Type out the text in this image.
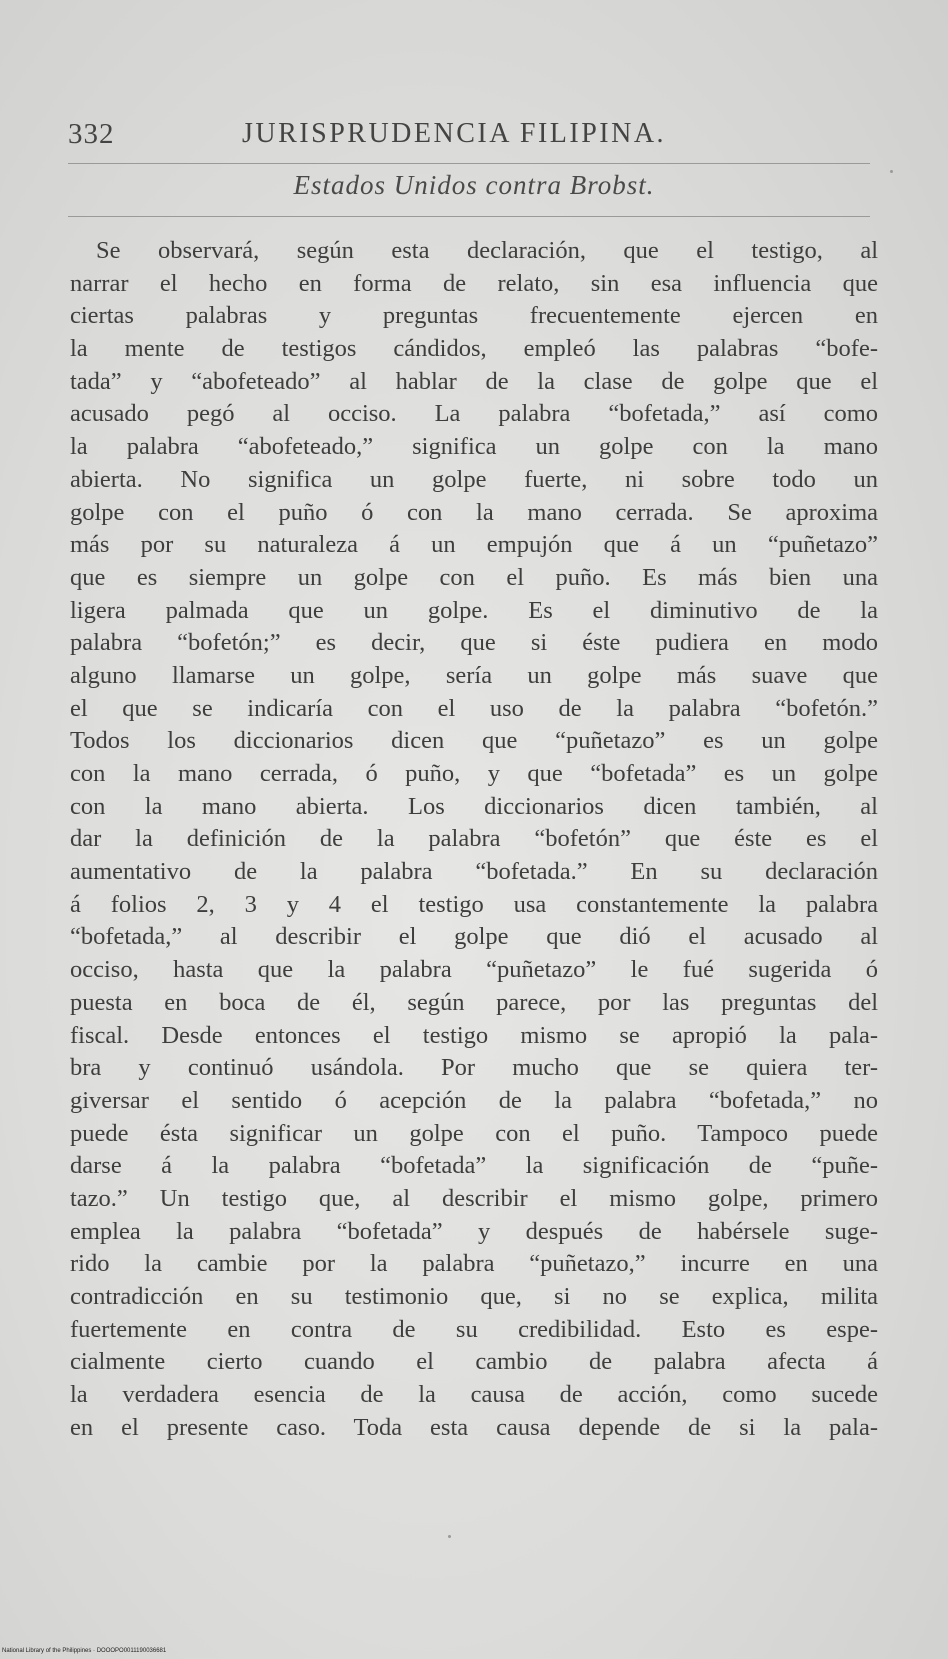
332	JURISPRUDENCIA FILIPINA.
Estados Unidos contra Brobst.
Se observará, según esta declaración, que el testigo, al
narrar el hecho en forma de relato, sin esa influencia que
ciertas palabras y preguntas frecuentemente ejercen en
la mente de testigos cándidos, empleó las palabras “bofe-
tada” y “abofeteado” al hablar de la clase de golpe que el
acusado pegó al occiso. La palabra “bofetada,” así como
la palabra “abofeteado,” significa un golpe con la mano
abierta. No significa un golpe fuerte, ni sobre todo un
golpe con el puño ó con la mano cerrada. Se aproxima
más por su naturaleza á un empujón que á un “puñetazo”
que es siempre un golpe con el puño. Es más bien una
ligera palmada que un golpe. Es el diminutivo de la
palabra “bofetón;” es decir, que si éste pudiera en modo
alguno llamarse un golpe, sería un golpe más suave que
el que se indicaría con el uso de la palabra “bofetón.”
Todos los diccionarios dicen que “puñetazo” es un golpe
con la mano cerrada, ó puño, y que “bofetada” es un golpe
con la mano abierta. Los diccionarios dicen también, al
dar la definición de la palabra “bofetón” que éste es el
aumentativo de la palabra “bofetada.” En su declaración
á folios 2, 3 y 4 el testigo usa constantemente la palabra
“bofetada,” al describir el golpe que dió el acusado al
occiso, hasta que la palabra “puñetazo” le fué sugerida ó
puesta en boca de él, según parece, por las preguntas del
fiscal. Desde entonces el testigo mismo se apropió la pala-
bra y continuó usándola. Por mucho que se quiera ter-
giversar el sentido ó acepción de la palabra “bofetada,” no
puede ésta significar un golpe con el puño. Tampoco puede
darse á la palabra “bofetada” la significación de “puñe-
tazo.” Un testigo que, al describir el mismo golpe, primero
emplea la palabra “bofetada” y después de habérsele suge-
rido la cambie por la palabra “puñetazo,” incurre en una
contradicción en su testimonio que, si no se explica, milita
fuertemente en contra de su credibilidad. Esto es espe-
cialmente cierto cuando el cambio de palabra afecta á
la verdadera esencia de la causa de acción, como sucede
en el presente caso. Toda esta causa depende de si la pala-
National Library of the Philippines · DOOOPO0011190036681
